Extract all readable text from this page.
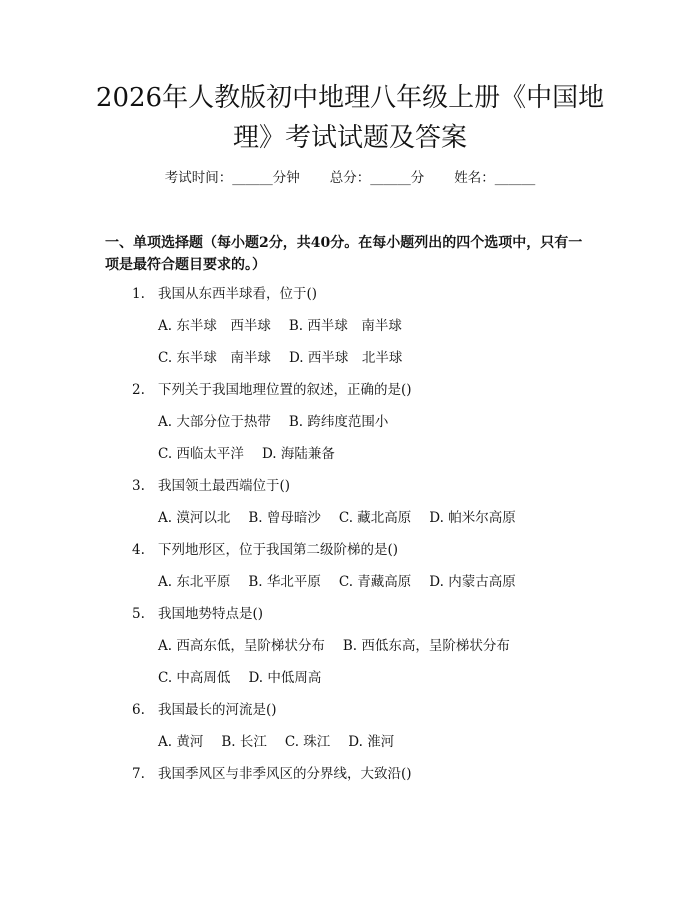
2026年人教版初中地理八年级上册《中国地
理》考试试题及答案
考试时间：______分钟 总分：______分 姓名：______
一、单项选择题（每小题2分，共40分。在每小题列出的四个选项中，只有一项是最符合题目要求的。）
1. 我国从东西半球看，位于()
A. 东半球　西半球 B. 西半球　南半球
C. 东半球　南半球 D. 西半球　北半球
2. 下列关于我国地理位置的叙述，正确的是()
A. 大部分位于热带 B. 跨纬度范围小
C. 西临太平洋 D. 海陆兼备
3. 我国领土最西端位于()
A. 漠河以北 B. 曾母暗沙 C. 藏北高原 D. 帕米尔高原
4. 下列地形区，位于我国第二级阶梯的是()
A. 东北平原 B. 华北平原 C. 青藏高原 D. 内蒙古高原
5. 我国地势特点是()
A. 西高东低，呈阶梯状分布 B. 西低东高，呈阶梯状分布
C. 中高周低 D. 中低周高
6. 我国最长的河流是()
A. 黄河 B. 长江 C. 珠江 D. 淮河
7. 我国季风区与非季风区的分界线，大致沿()
